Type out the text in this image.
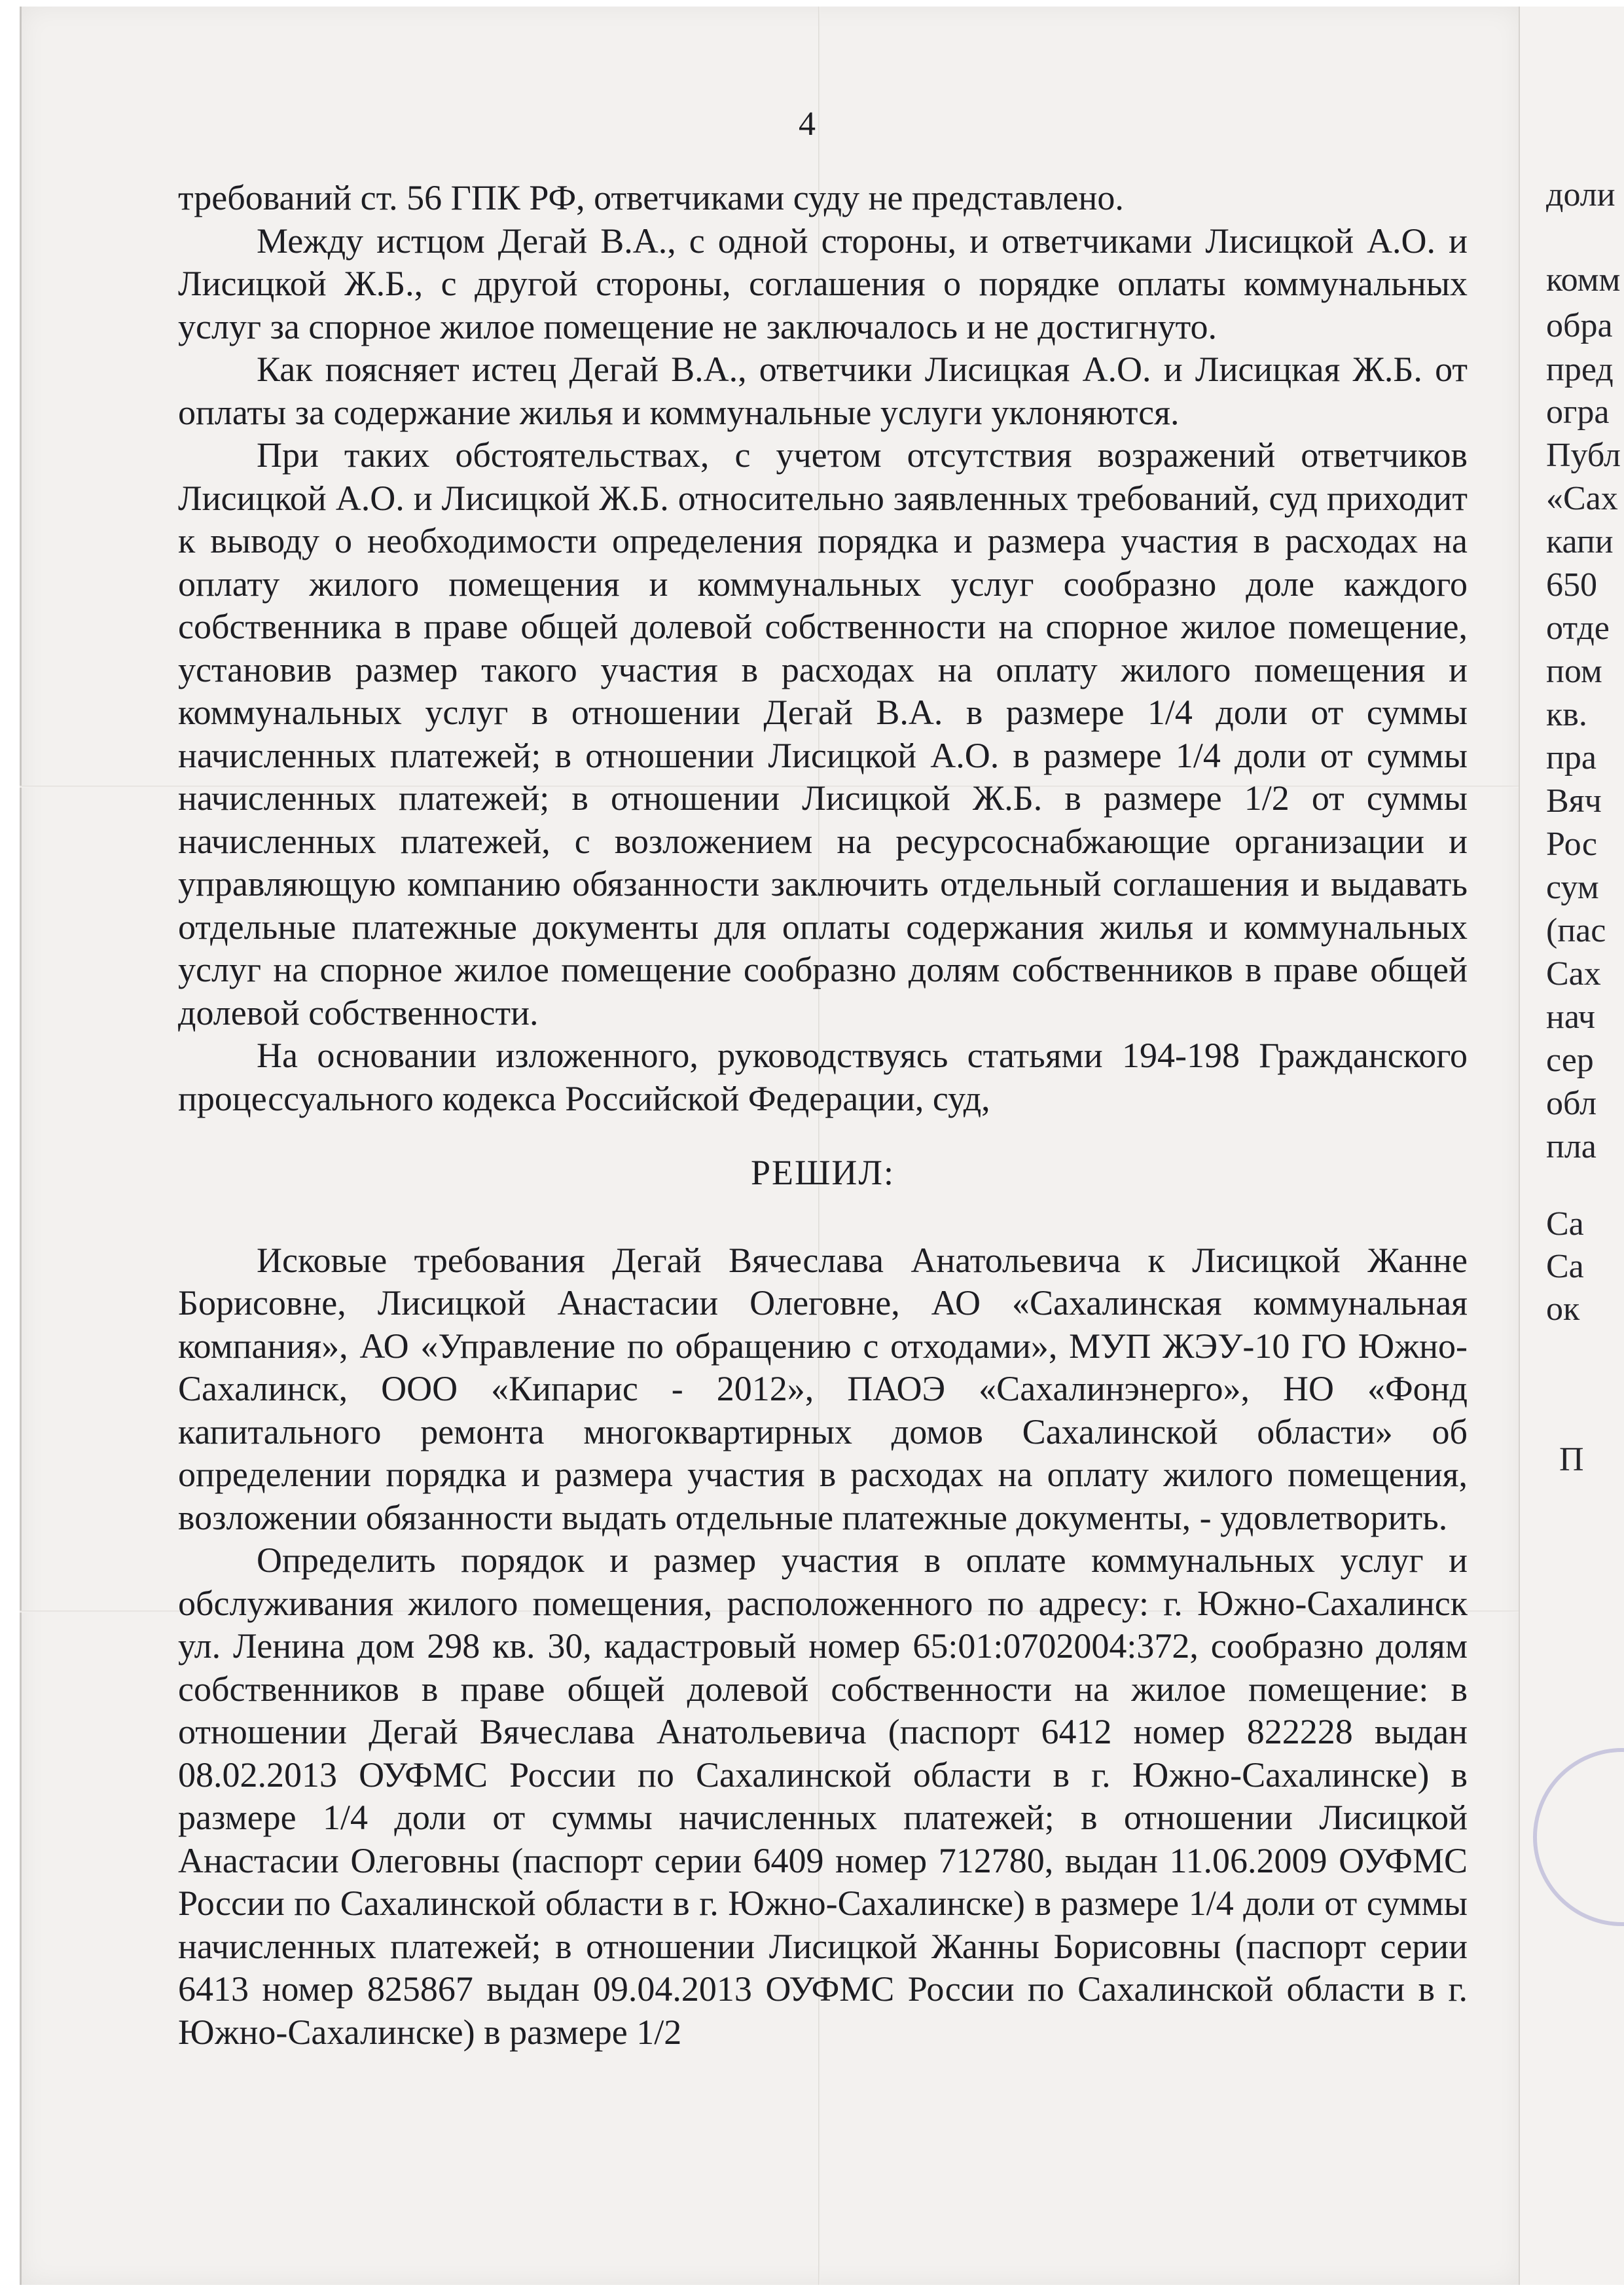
4

требований ст. 56 ГПК РФ, ответчиками суду не представлено.

Между истцом Дегай В.А., с одной стороны, и ответчиками Лисицкой А.О. и Лисицкой Ж.Б., с другой стороны, соглашения о порядке оплаты коммунальных услуг за спорное жилое помещение не заключалось и не достигнуто.

Как поясняет истец Дегай В.А., ответчики Лисицкая А.О. и Лисицкая Ж.Б. от оплаты за содержание жилья и коммунальные услуги уклоняются.

При таких обстоятельствах, с учетом отсутствия возражений ответчиков Лисицкой А.О. и Лисицкой Ж.Б. относительно заявленных требований, суд приходит к выводу о необходимости определения порядка и размера участия в расходах на оплату жилого помещения и коммунальных услуг сообразно доле каждого собственника в праве общей долевой собственности на спорное жилое помещение, установив размер такого участия в расходах на оплату жилого помещения и коммунальных услуг в отношении Дегай В.А. в размере 1/4 доли от суммы начисленных платежей; в отношении Лисицкой А.О. в размере 1/4 доли от суммы начисленных платежей; в отношении Лисицкой Ж.Б. в размере 1/2 от суммы начисленных платежей, с возложением на ресурсоснабжающие организации и управляющую компанию обязанности заключить отдельный соглашения и выдавать отдельные платежные документы для оплаты содержания жилья и коммунальных услуг на спорное жилое помещение сообразно долям собственников в праве общей долевой собственности.

На основании изложенного, руководствуясь статьями 194-198 Гражданского процессуального кодекса Российской Федерации, суд,

РЕШИЛ:

Исковые требования Дегай Вячеслава Анатольевича к Лисицкой Жанне Борисовне, Лисицкой Анастасии Олеговне, АО «Сахалинская коммунальная компания», АО «Управление по обращению с отходами», МУП ЖЭУ-10 ГО Южно-Сахалинск, ООО «Кипарис - 2012», ПАОЭ «Сахалинэнерго», НО «Фонд капитального ремонта многоквартирных домов Сахалинской области» об определении порядка и размера участия в расходах на оплату жилого помещения, возложении обязанности выдать отдельные платежные документы, - удовлетворить.

Определить порядок и размер участия в оплате коммунальных услуг и обслуживания жилого помещения, расположенного по адресу: г. Южно-Сахалинск ул. Ленина дом 298 кв. 30, кадастровый номер 65:01:0702004:372, сообразно долям собственников в праве общей долевой собственности на жилое помещение: в отношении Дегай Вячеслава Анатольевича (паспорт 6412 номер 822228 выдан 08.02.2013 ОУФМС России по Сахалинской области в г. Южно-Сахалинске) в размере 1/4 доли от суммы начисленных платежей; в отношении Лисицкой Анастасии Олеговны (паспорт серии 6409 номер 712780, выдан 11.06.2009 ОУФМС России по Сахалинской области в г. Южно-Сахалинске) в размере 1/4 доли от суммы начисленных платежей; в отношении Лисицкой Жанны Борисовны (паспорт серии 6413 номер 825867 выдан 09.04.2013 ОУФМС России по Сахалинской области в г. Южно-Сахалинске) в размере 1/2

доли
комм
обра
пред
огра
Публ
«Сах
капи
650
отде
пом
кв.
пра
Вяч
Рос
сум
(пас
Сах
нач
сер
обл
пла
Са
Са
ок
П
